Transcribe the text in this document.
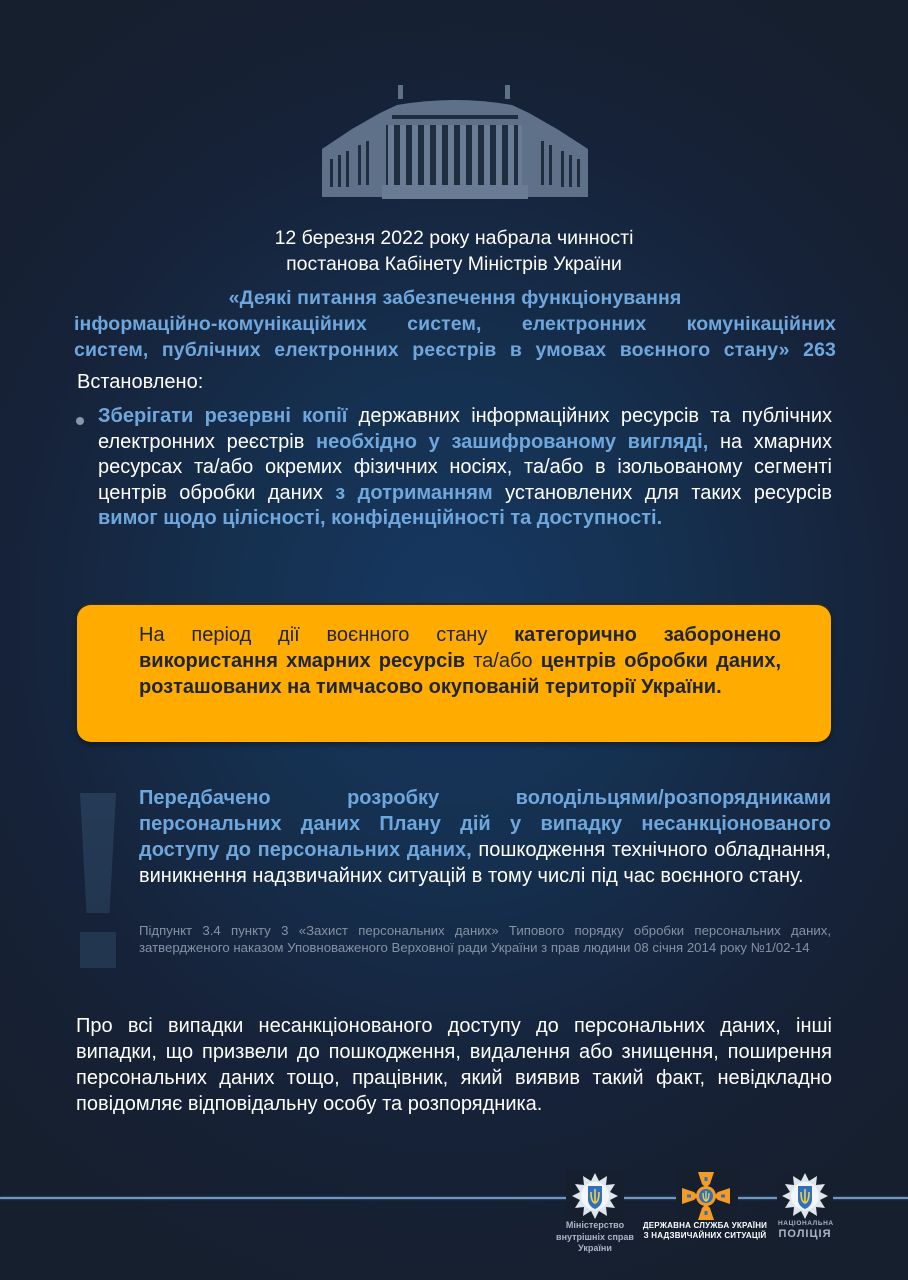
12 березня 2022 року набрала чинності
постанова Кабінету Міністрів України
«Деякі питання забезпечення функціонування
інформаційно-комунікаційних систем, електронних комунікаційних
систем, публічних електронних реєстрів в умовах воєнного стану» 263
Встановлено:
Зберігати резервні копії державних інформаційних ресурсів та публічних електронних реєстрів необхідно у зашифрованому вигляді, на хмарних ресурсах та/або окремих фізичних носіях, та/або в ізольованому сегменті центрів обробки даних з дотриманням установлених для таких ресурсів вимог щодо цілісності, конфіденційності та доступності.
На період дії воєнного стану категорично заборонено використання хмарних ресурсів та/або центрів обробки даних, розташованих на тимчасово окупованій території України.
Передбачено розробку володільцями/розпорядниками персональних даних Плану дій у випадку несанкціонованого доступу до персональних даних, пошкодження технічного обладнання, виникнення надзвичайних ситуацій в тому числі під час воєнного стану.
Підпункт 3.4 пункту 3 «Захист персональних даних» Типового порядку обробки персональних даних, затвердженого наказом Уповноваженого Верховної ради України з прав людини 08 січня 2014 року №1/02-14
Про всі випадки несанкціонованого доступу до персональних даних, інші випадки, що призвели до пошкодження, видалення або знищення, поширення персональних даних тощо, працівник, який виявив такий факт, невідкладно повідомляє відповідальну особу та розпорядника.
Міністерство
внутрішніх справ
України
ДЕРЖАВНА СЛУЖБА УКРАЇНИ
З НАДЗВИЧАЙНИХ СИТУАЦІЙ
НАЦІОНАЛЬНА
ПОЛІЦІЯ
